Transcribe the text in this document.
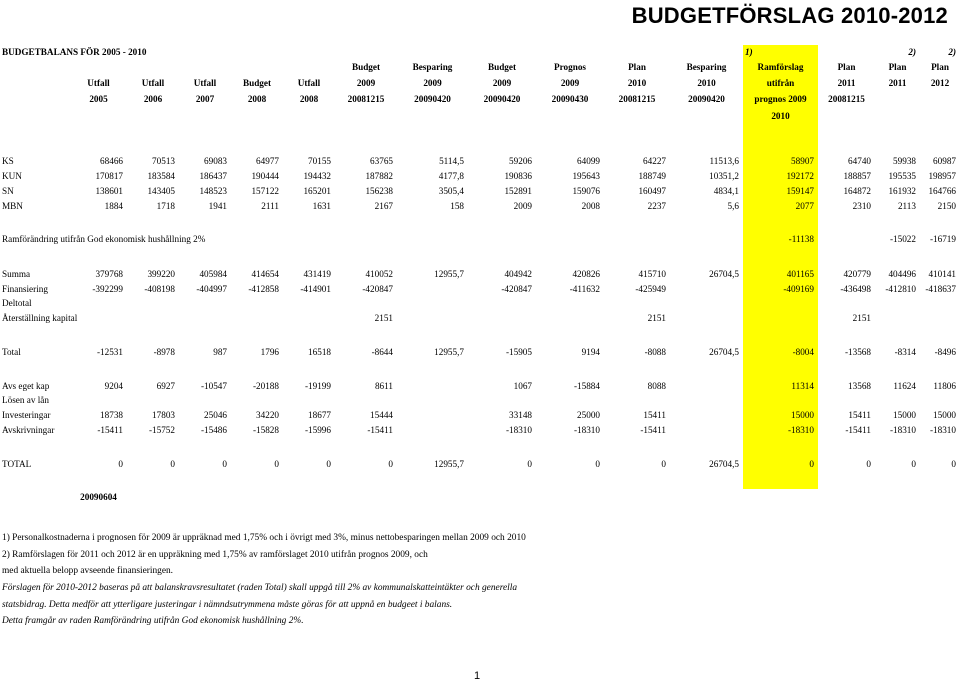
BUDGETFÖRSLAG 2010-2012

BUDGETBALANS FÖR 2005 - 2010												1)		2)	2)
						Budget	Besparing	Budget	Prognos	Plan	Besparing	Ramförslag	Plan	Plan	Plan
	Utfall	Utfall	Utfall	Budget	Utfall	2009	2009	2009	2009	2010	2010	utifrån	2011	2011	2012
	2005	2006	2007	2008	2008	20081215	20090420	20090420	20090430	20081215	20090420	prognos 2009	20081215		
												2010			

KS	68466	70513	69083	64977	70155	63765	5114,5	59206	64099	64227	11513,6	58907	64740	59938	60987
KUN	170817	183584	186437	190444	194432	187882	4177,8	190836	195643	188749	10351,2	192172	188857	195535	198957
SN	138601	143405	148523	157122	165201	156238	3505,4	152891	159076	160497	4834,1	159147	164872	161932	164766
MBN	1884	1718	1941	2111	1631	2167	158	2009	2008	2237	5,6	2077	2310	2113	2150

Ramförändring utifrån God ekonomisk hushållning 2%												-11138		-15022	-16719

Summa	379768	399220	405984	414654	431419	410052	12955,7	404942	420826	415710	26704,5	401165	420779	404496	410141
Finansiering	-392299	-408198	-404997	-412858	-414901	-420847		-420847	-411632	-425949		-409169	-436498	-412810	-418637
Deltotal															
Återställning kapital						2151				2151			2151		

Total	-12531	-8978	987	1796	16518	-8644	12955,7	-15905	9194	-8088	26704,5	-8004	-13568	-8314	-8496

Avs eget kap	9204	6927	-10547	-20188	-19199	8611		1067	-15884	8088		11314	13568	11624	11806
Lösen av lån															
Investeringar	18738	17803	25046	34220	18677	15444		33148	25000	15411		15000	15411	15000	15000
Avskrivningar	-15411	-15752	-15486	-15828	-15996	-15411		-18310	-18310	-15411		-18310	-15411	-18310	-18310

TOTAL	0	0	0	0	0	0	12955,7	0	0	0	26704,5	0	0	0	0

	20090604														
1) Personalkostnaderna i prognosen för 2009 är uppräknad med 1,75% och i övrigt med 3%, minus nettobesparingen mellan 2009 och 2010
2) Ramförslagen för 2011 och 2012 är en uppräkning med 1,75% av ramförslaget 2010 utifrån prognos 2009, och
med aktuella belopp avseende finansieringen.
Förslagen för 2010-2012 baseras på att balanskravsresultatet (raden Total) skall uppgå till 2% av kommunalskatteintäkter och generella
statsbidrag. Detta medför att ytterligare justeringar i nämndsutrymmena måste göras för att uppnå en budgeet i balans.
Detta framgår av raden Ramförändring utifrån God ekonomisk hushållning 2%.
1
